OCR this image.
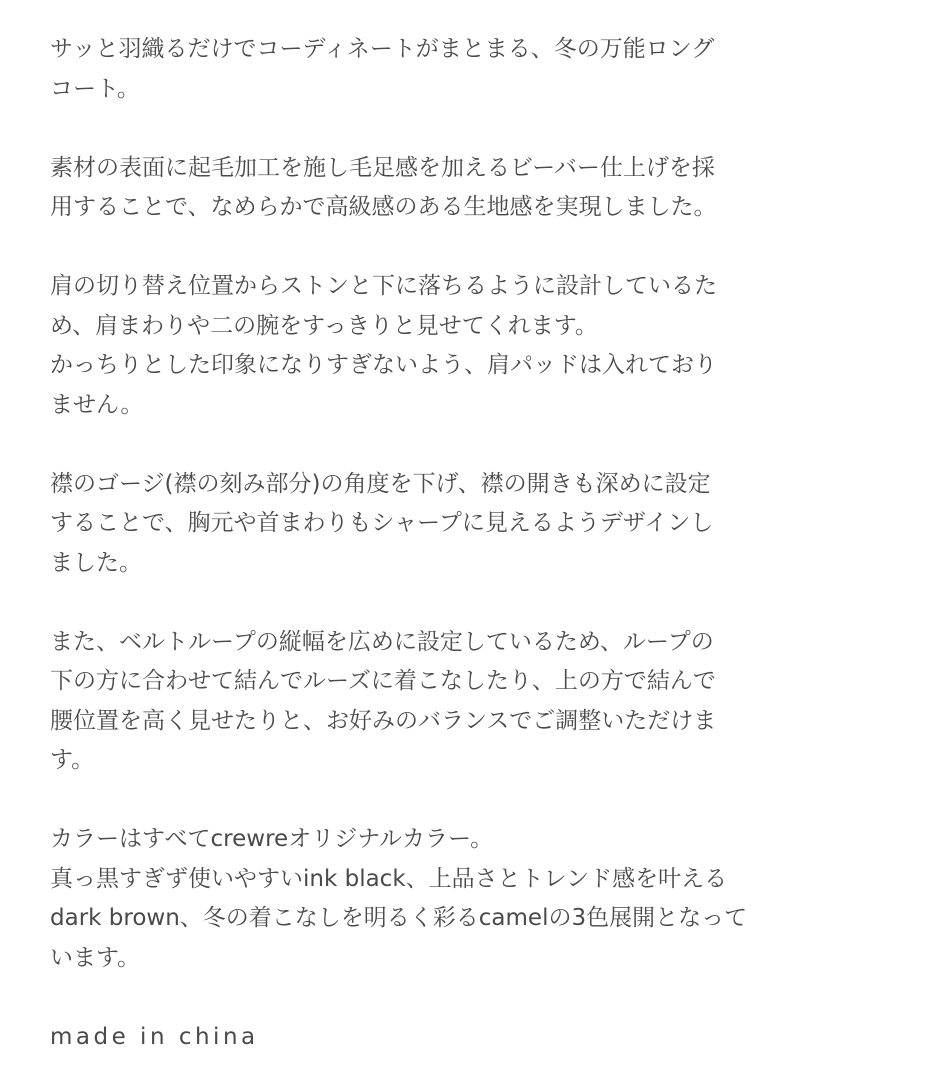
サッと羽織るだけでコーディネートがまとまる、冬の万能ロング
コート。
素材の表面に起毛加工を施し毛足感を加えるビーバー仕上げを採
用することで、なめらかで高級感のある生地感を実現しました。
肩の切り替え位置からストンと下に落ちるように設計しているた
め、肩まわりや二の腕をすっきりと見せてくれます。
かっちりとした印象になりすぎないよう、肩パッドは入れており
ません。
襟のゴージ(襟の刻み部分)の角度を下げ、襟の開きも深めに設定
することで、胸元や首まわりもシャープに見えるようデザインし
ました。
また、ベルトループの縦幅を広めに設定しているため、ループの
下の方に合わせて結んでルーズに着こなしたり、上の方で結んで
腰位置を高く見せたりと、お好みのバランスでご調整いただけま
す。
カラーはすべてcrewreオリジナルカラー。
真っ黒すぎず使いやすいink black、上品さとトレンド感を叶える
dark brown、冬の着こなしを明るく彩るcamelの3色展開となって
います。

made in china
